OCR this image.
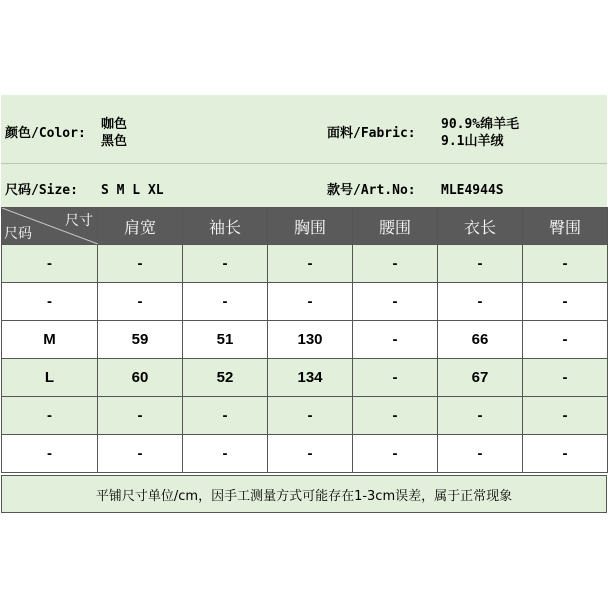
颜色/Color:
咖色
黑色
面料/Fabric:
90.9%绵羊毛
9.1山羊绒
尺码/Size: S M L XL	款号/Art.No: MLE4944S
尺寸
尺码	肩宽	袖长	胸围	腰围	衣长	臀围
-	-	-	-	-	-	-
-	-	-	-	-	-	-
M	59	51	130	-	66	-
L	60	52	134	-	67	-
-	-	-	-	-	-	-
-	-	-	-	-	-	-
平铺尺寸单位/cm，因手工测量方式可能存在1-3cm误差，属于正常现象
